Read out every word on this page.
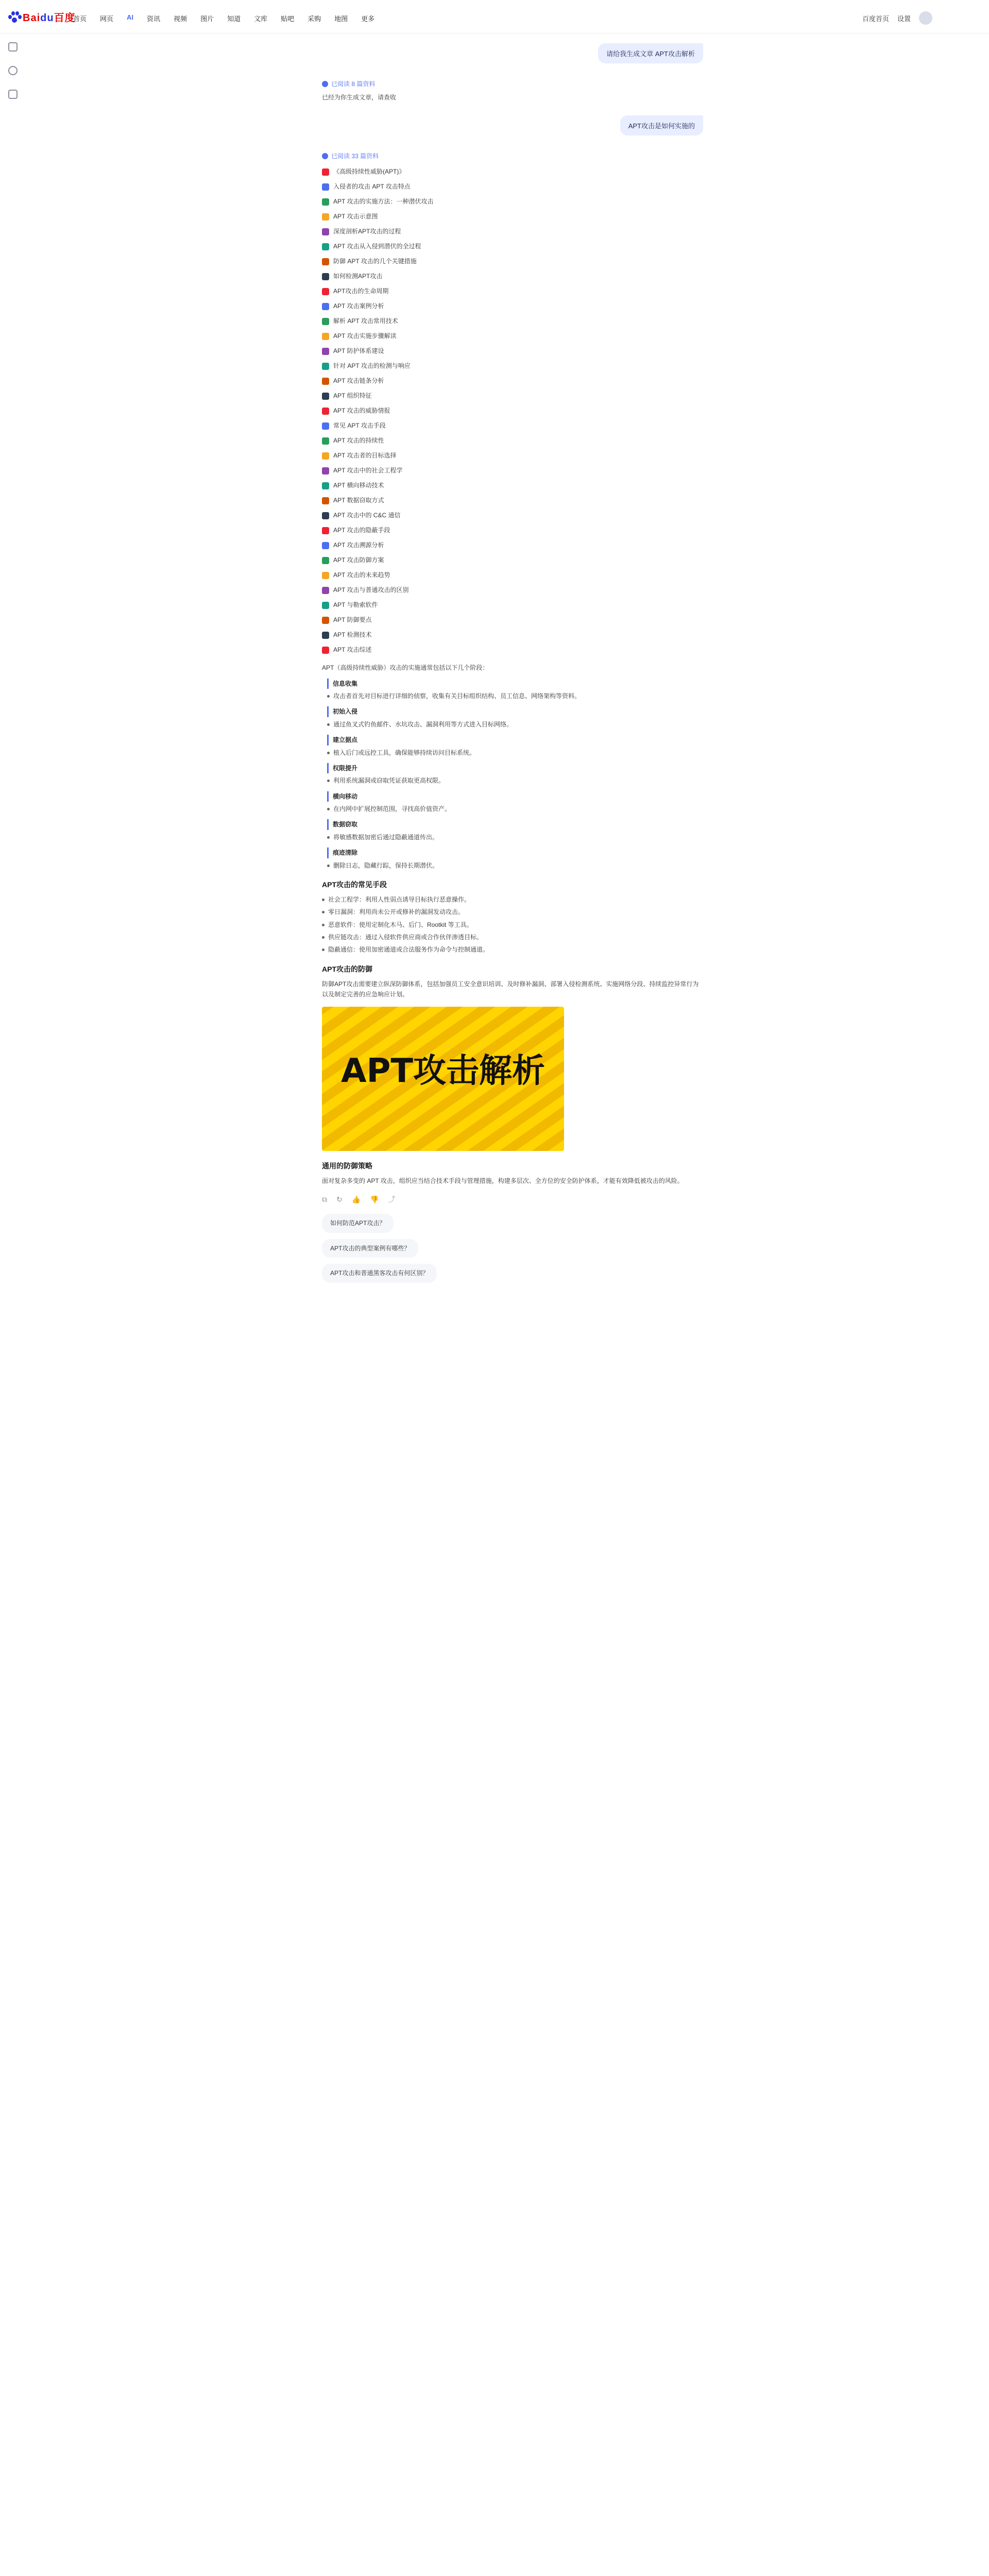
Baidu百度
首页 网页 AI 资讯 视频 图片 知道 文库 贴吧 采购 地图 更多	百度首页 设置
请给我生成文章 APT攻击解析
已阅读 8 篇资料
已经为你生成文章，请查收
APT攻击是如何实施的
已阅读 33 篇资料
《高级持续性威胁(APT)》
入侵者的攻击 APT 攻击特点
APT 攻击的实施方法：一种潜伏攻击
APT 攻击示意图
深度剖析APT攻击的过程
APT 攻击从入侵到潜伏的全过程
防御 APT 攻击的几个关键措施
如何检测APT攻击
APT攻击的生命周期
APT 攻击案例分析
解析 APT 攻击常用技术
APT 攻击实施步骤解读
APT 防护体系建设
针对 APT 攻击的检测与响应
APT 攻击链条分析
APT 组织特征
APT 攻击的威胁情报
常见 APT 攻击手段
APT 攻击的持续性
APT 攻击者的目标选择
APT 攻击中的社会工程学
APT 横向移动技术
APT 数据窃取方式
APT 攻击中的 C&C 通信
APT 攻击的隐蔽手段
APT 攻击溯源分析
APT 攻击防御方案
APT 攻击的未来趋势
APT 攻击与普通攻击的区别
APT 与勒索软件
APT 防御要点
APT 检测技术
APT 攻击综述
APT（高级持续性威胁）攻击的实施通常包括以下几个阶段：
信息收集
攻击者首先对目标进行详细的侦察，收集有关目标组织结构、员工信息、网络架构等资料。
初始入侵
通过鱼叉式钓鱼邮件、水坑攻击、漏洞利用等方式进入目标网络。
建立据点
植入后门或远控工具，确保能够持续访问目标系统。
权限提升
利用系统漏洞或窃取凭证获取更高权限。
横向移动
在内网中扩展控制范围，寻找高价值资产。
数据窃取
将敏感数据加密后通过隐蔽通道传出。
痕迹清除
删除日志，隐藏行踪，保持长期潜伏。
APT攻击的常见手段
社会工程学：利用人性弱点诱导目标执行恶意操作。
零日漏洞：利用尚未公开或修补的漏洞发动攻击。
恶意软件：使用定制化木马、后门、Rootkit 等工具。
供应链攻击：通过入侵软件供应商或合作伙伴渗透目标。
隐蔽通信：使用加密通道或合法服务作为命令与控制通道。
APT攻击的防御
防御APT攻击需要建立纵深防御体系，包括加强员工安全意识培训、及时修补漏洞、部署入侵检测系统、实施网络分段、持续监控异常行为以及制定完善的应急响应计划。
APT攻击解析
通用的防御策略
面对复杂多变的 APT 攻击，组织应当结合技术手段与管理措施，构建多层次、全方位的安全防护体系，才能有效降低被攻击的风险。
⧉ ↻ 👍 👎 ⤴
如何防范APT攻击？
APT攻击的典型案例有哪些？
APT攻击和普通黑客攻击有何区别？
